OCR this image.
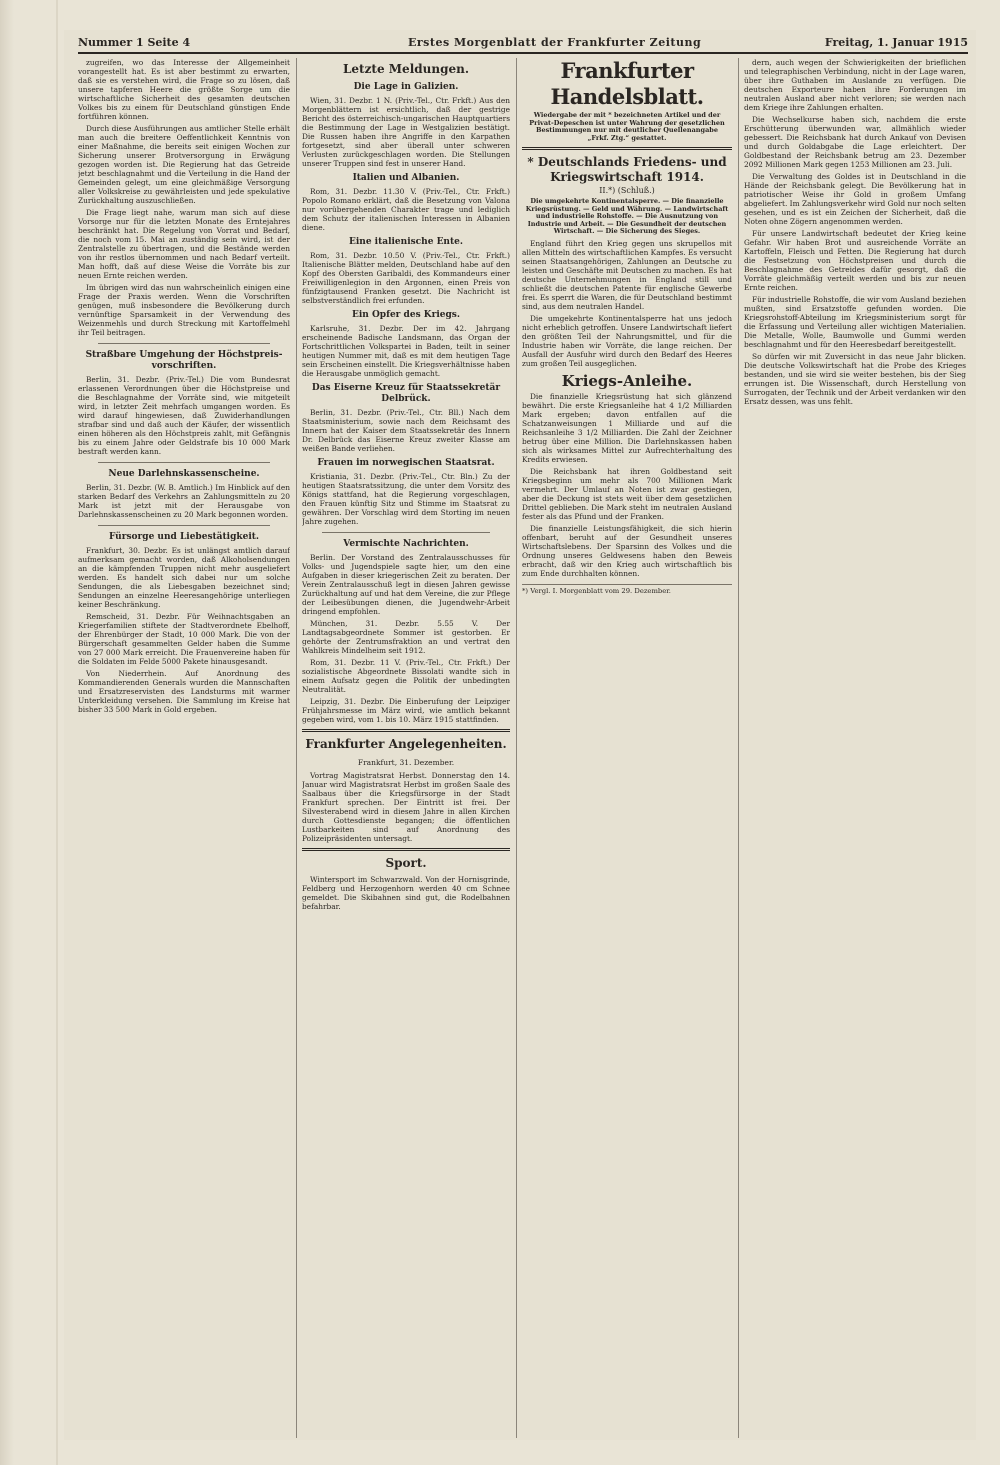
Nummer 1 Seite 4	Erstes Morgenblatt der Frankfurter Zeitung	Freitag, 1. Januar 1915

zugreifen, wo das Interesse der Allgemeinheit vorangestellt hat. Es ist aber bestimmt zu erwarten, daß sie es verstehen wird, die Frage so zu lösen, daß unsere tapferen Heere die größte Sorge um die wirtschaftliche Sicherheit des gesamten deutschen Volkes bis zu einem für Deutschland günstigen Ende fortführen können.

Durch diese Ausführungen aus amtlicher Stelle erhält man auch die breitere Oeffentlichkeit Kenntnis von einer Maßnahme, die bereits seit einigen Wochen zur Sicherung unserer Brotversorgung in Erwägung gezogen worden ist. Die Regierung hat das Getreide jetzt beschlagnahmt und die Verteilung in die Hand der Gemeinden gelegt, um eine gleichmäßige Versorgung aller Volkskreise zu gewährleisten und jede spekulative Zurückhaltung auszuschließen.

Die Frage liegt nahe, warum man sich auf diese Vorsorge nur für die letzten Monate des Erntejahres beschränkt hat. Die Regelung von Vorrat und Bedarf, die noch vom 15. Mai an zuständig sein wird, ist der Zentralstelle zu übertragen, und die Bestände werden von ihr restlos übernommen und nach Bedarf verteilt. Man hofft, daß auf diese Weise die Vorräte bis zur neuen Ernte reichen werden.

Im übrigen wird das nun wahrscheinlich einigen eine Frage der Praxis werden. Wenn die Vorschriften genügen, muß insbesondere die Bevölkerung durch vernünftige Sparsamkeit in der Verwendung des Weizenmehls und durch Streckung mit Kartoffelmehl ihr Teil beitragen.

Straßbare Umgehung der Höchstpreis-vorschriften.

Berlin, 31. Dezbr. (Priv.-Tel.) Die vom Bundesrat erlassenen Verordnungen über die Höchstpreise und die Beschlagnahme der Vorräte sind, wie mitgeteilt wird, in letzter Zeit mehrfach umgangen worden. Es wird darauf hingewiesen, daß Zuwiderhandlungen strafbar sind und daß auch der Käufer, der wissentlich einen höheren als den Höchstpreis zahlt, mit Gefängnis bis zu einem Jahre oder Geldstrafe bis 10 000 Mark bestraft werden kann.

Neue Darlehnskassenscheine.

Berlin, 31. Dezbr. (W. B. Amtlich.) Im Hinblick auf den starken Bedarf des Verkehrs an Zahlungsmitteln zu 20 Mark ist jetzt mit der Herausgabe von Darlehnskassenscheinen zu 20 Mark begonnen worden.

Fürsorge und Liebestätigkeit.

Frankfurt, 30. Dezbr. Es ist unlängst amtlich darauf aufmerksam gemacht worden, daß Alkoholsendungen an die kämpfenden Truppen nicht mehr ausgeliefert werden. Es handelt sich dabei nur um solche Sendungen, die als Liebesgaben bezeichnet sind; Sendungen an einzelne Heeresangehörige unterliegen keiner Beschränkung.

Remscheid, 31. Dezbr. Für Weihnachtsgaben an Kriegerfamilien stiftete der Stadtverordnete Ebelhoff, der Ehrenbürger der Stadt, 10 000 Mark. Die von der Bürgerschaft gesammelten Gelder haben die Summe von 27 000 Mark erreicht. Die Frauenvereine haben für die Soldaten im Felde 5000 Pakete hinausgesandt.

Von Niederrhein. Auf Anordnung des Kommandierenden Generals wurden die Mannschaften und Ersatzreservisten des Landsturms mit warmer Unterkleidung versehen. Die Sammlung im Kreise hat bisher 33 500 Mark in Gold ergeben.

Letzte Meldungen.
Die Lage in Galizien.

Wien, 31. Dezbr. 1 N. (Priv.-Tel., Ctr. Frkft.) Aus den Morgenblättern ist ersichtlich, daß der gestrige Bericht des österreichisch-ungarischen Hauptquartiers die Bestimmung der Lage in Westgalizien bestätigt. Die Russen haben ihre Angriffe in den Karpathen fortgesetzt, sind aber überall unter schweren Verlusten zurückgeschlagen worden. Die Stellungen unserer Truppen sind fest in unserer Hand.

Italien und Albanien.

Rom, 31. Dezbr. 11.30 V. (Priv.-Tel., Ctr. Frkft.) Popolo Romano erklärt, daß die Besetzung von Valona nur vorübergehenden Charakter trage und lediglich dem Schutz der italienischen Interessen in Albanien diene.

Eine italienische Ente.

Rom, 31. Dezbr. 10.50 V. (Priv.-Tel., Ctr. Frkft.) Italienische Blätter melden, Deutschland habe auf den Kopf des Obersten Garibaldi, des Kommandeurs einer Freiwilligenlegion in den Argonnen, einen Preis von fünfzigtausend Franken gesetzt. Die Nachricht ist selbstverständlich frei erfunden.

Ein Opfer des Kriegs.

Karlsruhe, 31. Dezbr. Der im 42. Jahrgang erscheinende Badische Landsmann, das Organ der Fortschrittlichen Volkspartei in Baden, teilt in seiner heutigen Nummer mit, daß es mit dem heutigen Tage sein Erscheinen einstellt. Die Kriegsverhältnisse haben die Herausgabe unmöglich gemacht.

Das Eiserne Kreuz für Staatssekretär Delbrück.

Berlin, 31. Dezbr. (Priv.-Tel., Ctr. Bll.) Nach dem Staatsministerium, sowie nach dem Reichsamt des Innern hat der Kaiser dem Staatssekretär des Innern Dr. Delbrück das Eiserne Kreuz zweiter Klasse am weißen Bande verliehen.

Frauen im norwegischen Staatsrat.

Kristiania, 31. Dezbr. (Priv.-Tel., Ctr. Bln.) Zu der heutigen Staatsratssitzung, die unter dem Vorsitz des Königs stattfand, hat die Regierung vorgeschlagen, den Frauen künftig Sitz und Stimme im Staatsrat zu gewähren. Der Vorschlag wird dem Storting im neuen Jahre zugehen.

Vermischte Nachrichten.

Berlin. Der Vorstand des Zentralausschusses für Volks- und Jugendspiele sagte hier, um den eine Aufgaben in dieser kriegerischen Zeit zu beraten. Der Verein Zentralausschuß legt in diesen Jahren gewisse Zurückhaltung auf und hat dem Vereine, die zur Pflege der Leibesübungen dienen, die Jugendwehr-Arbeit dringend empfohlen.

München, 31. Dezbr. 5.55 V. Der Landtagsabgeordnete Sommer ist gestorben. Er gehörte der Zentrumsfraktion an und vertrat den Wahlkreis Mindelheim seit 1912.

Rom, 31. Dezbr. 11 V. (Priv.-Tel., Ctr. Frkft.) Der sozialistische Abgeordnete Bissolati wandte sich in einem Aufsatz gegen die Politik der unbedingten Neutralität.

Leipzig, 31. Dezbr. Die Einberufung der Leipziger Frühjahrsmesse im März wird, wie amtlich bekannt gegeben wird, vom 1. bis 10. März 1915 stattfinden.

Frankfurter Angelegenheiten.
Frankfurt, 31. Dezember.

Vortrag Magistratsrat Herbst. Donnerstag den 14. Januar wird Magistratsrat Herbst im großen Saale des Saalbaus über die Kriegsfürsorge in der Stadt Frankfurt sprechen. Der Eintritt ist frei. Der Silvesterabend wird in diesem Jahre in allen Kirchen durch Gottesdienste begangen; die öffentlichen Lustbarkeiten sind auf Anordnung des Polizeipräsidenten untersagt.

Sport.

Wintersport im Schwarzwald. Von der Hornisgrinde, Feldberg und Herzogenhorn werden 40 cm Schnee gemeldet. Die Skibahnen sind gut, die Rodelbahnen befahrbar.

Frankfurter Handelsblatt.
Wiedergabe der mit * bezeichneten Artikel und der Privat-Depeschen ist unter Wahrung der gesetzlichen Bestimmungen nur mit deutlicher Quellenangabe „Frkf. Ztg.“ gestattet.
* Deutschlands Friedens- und Kriegswirtschaft 1914.
II.*) (Schluß.)
Die umgekehrte Kontinentalsperre. — Die finanzielle Kriegsrüstung. — Geld und Währung. — Landwirtschaft und industrielle Rohstoffe. — Die Ausnutzung von Industrie und Arbeit. — Die Gesundheit der deutschen Wirtschaft. — Die Sicherung des Sieges.

England führt den Krieg gegen uns skrupellos mit allen Mitteln des wirtschaftlichen Kampfes. Es versucht seinen Staatsangehörigen, Zahlungen an Deutsche zu leisten und Geschäfte mit Deutschen zu machen. Es hat deutsche Unternehmungen in England still und schließt die deutschen Patente für englische Gewerbe frei. Es sperrt die Waren, die für Deutschland bestimmt sind, aus dem neutralen Handel.

Die umgekehrte Kontinentalsperre hat uns jedoch nicht erheblich getroffen. Unsere Landwirtschaft liefert den größten Teil der Nahrungsmittel, und für die Industrie haben wir Vorräte, die lange reichen. Der Ausfall der Ausfuhr wird durch den Bedarf des Heeres zum großen Teil ausgeglichen.

Kriegs-Anleihe.

Die finanzielle Kriegsrüstung hat sich glänzend bewährt. Die erste Kriegsanleihe hat 4 1/2 Milliarden Mark ergeben; davon entfallen auf die Schatzanweisungen 1 Milliarde und auf die Reichsanleihe 3 1/2 Milliarden. Die Zahl der Zeichner betrug über eine Million. Die Darlehnskassen haben sich als wirksames Mittel zur Aufrechterhaltung des Kredits erwiesen.

Die Reichsbank hat ihren Goldbestand seit Kriegsbeginn um mehr als 700 Millionen Mark vermehrt. Der Umlauf an Noten ist zwar gestiegen, aber die Deckung ist stets weit über dem gesetzlichen Drittel geblieben. Die Mark steht im neutralen Ausland fester als das Pfund und der Franken.

Die finanzielle Leistungsfähigkeit, die sich hierin offenbart, beruht auf der Gesundheit unseres Wirtschaftslebens. Der Sparsinn des Volkes und die Ordnung unseres Geldwesens haben den Beweis erbracht, daß wir den Krieg auch wirtschaftlich bis zum Ende durchhalten können.

*) Vergl. I. Morgenblatt vom 29. Dezember.

dern, auch wegen der Schwierigkeiten der brieflichen und telegraphischen Verbindung, nicht in der Lage waren, über ihre Guthaben im Auslande zu verfügen. Die deutschen Exporteure haben ihre Forderungen im neutralen Ausland aber nicht verloren; sie werden nach dem Kriege ihre Zahlungen erhalten.

Die Wechselkurse haben sich, nachdem die erste Erschütterung überwunden war, allmählich wieder gebessert. Die Reichsbank hat durch Ankauf von Devisen und durch Goldabgabe die Lage erleichtert. Der Goldbestand der Reichsbank betrug am 23. Dezember 2092 Millionen Mark gegen 1253 Millionen am 23. Juli.

Die Verwaltung des Goldes ist in Deutschland in die Hände der Reichsbank gelegt. Die Bevölkerung hat in patriotischer Weise ihr Gold in großem Umfang abgeliefert. Im Zahlungsverkehr wird Gold nur noch selten gesehen, und es ist ein Zeichen der Sicherheit, daß die Noten ohne Zögern angenommen werden.

Für unsere Landwirtschaft bedeutet der Krieg keine Gefahr. Wir haben Brot und ausreichende Vorräte an Kartoffeln, Fleisch und Fetten. Die Regierung hat durch die Festsetzung von Höchstpreisen und durch die Beschlagnahme des Getreides dafür gesorgt, daß die Vorräte gleichmäßig verteilt werden und bis zur neuen Ernte reichen.

Für industrielle Rohstoffe, die wir vom Ausland beziehen mußten, sind Ersatzstoffe gefunden worden. Die Kriegsrohstoff-Abteilung im Kriegsministerium sorgt für die Erfassung und Verteilung aller wichtigen Materialien. Die Metalle, Wolle, Baumwolle und Gummi werden beschlagnahmt und für den Heeresbedarf bereitgestellt.

So dürfen wir mit Zuversicht in das neue Jahr blicken. Die deutsche Volkswirtschaft hat die Probe des Krieges bestanden, und sie wird sie weiter bestehen, bis der Sieg errungen ist. Die Wissenschaft, durch Herstellung von Surrogaten, der Technik und der Arbeit verdanken wir den Ersatz dessen, was uns fehlt.
